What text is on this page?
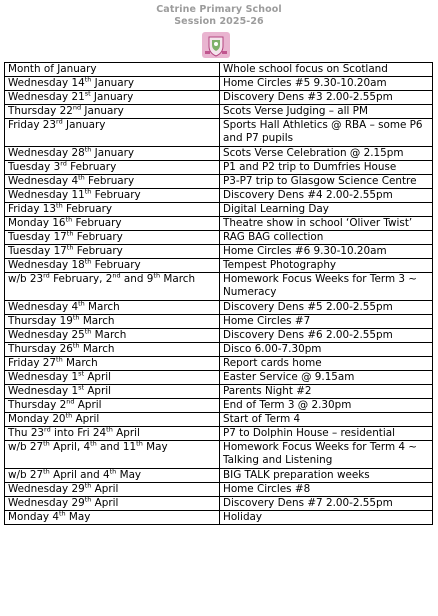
Catrine Primary School
Session 2025-26
Month of January	Whole school focus on Scotland
Wednesday 14th January	Home Circles #5 9.30-10.20am
Wednesday 21st January	Discovery Dens #3 2.00-2.55pm
Thursday 22nd January	Scots Verse Judging – all PM
Friday 23rd January	Sports Hall Athletics @ RBA – some P6 and P7 pupils
Wednesday 28th January	Scots Verse Celebration @ 2.15pm
Tuesday 3rd February	P1 and P2 trip to Dumfries House
Wednesday 4th February	P3-P7 trip to Glasgow Science Centre
Wednesday 11th February	Discovery Dens #4 2.00-2.55pm
Friday 13th February	Digital Learning Day
Monday 16th February	Theatre show in school ‘Oliver Twist’
Tuesday 17th February	RAG BAG collection
Tuesday 17th February	Home Circles #6 9.30-10.20am
Wednesday 18th February	Tempest Photography
w/b 23rd February, 2nd and 9th March	Homework Focus Weeks for Term 3 ~ Numeracy
Wednesday 4th March	Discovery Dens #5 2.00-2.55pm
Thursday 19th March	Home Circles #7
Wednesday 25th March	Discovery Dens #6 2.00-2.55pm
Thursday 26th March	Disco 6.00-7.30pm
Friday 27th March	Report cards home
Wednesday 1st April	Easter Service @ 9.15am
Wednesday 1st April	Parents Night #2
Thursday 2nd April	End of Term 3 @ 2.30pm
Monday 20th April	Start of Term 4
Thu 23rd into Fri 24th April	P7 to Dolphin House – residential
w/b 27th April, 4th and 11th May	Homework Focus Weeks for Term 4 ~ Talking and Listening
w/b 27th April and 4th May	BIG TALK preparation weeks
Wednesday 29th April	Home Circles #8
Wednesday 29th April	Discovery Dens #7 2.00-2.55pm
Monday 4th May	Holiday
